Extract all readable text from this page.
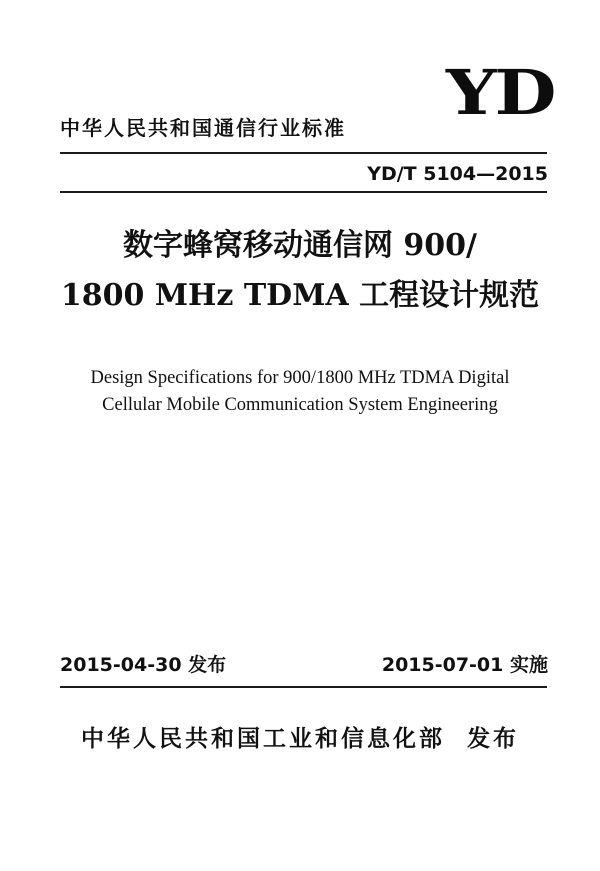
YD
中华人民共和国通信行业标准
YD/T 5104—2015
数字蜂窝移动通信网 900/
1800 MHz TDMA 工程设计规范
Design Specifications for 900/1800 MHz TDMA Digital
Cellular Mobile Communication System Engineering
2015-04-30 发布	2015-07-01 实施
中华人民共和国工业和信息化部 发布
